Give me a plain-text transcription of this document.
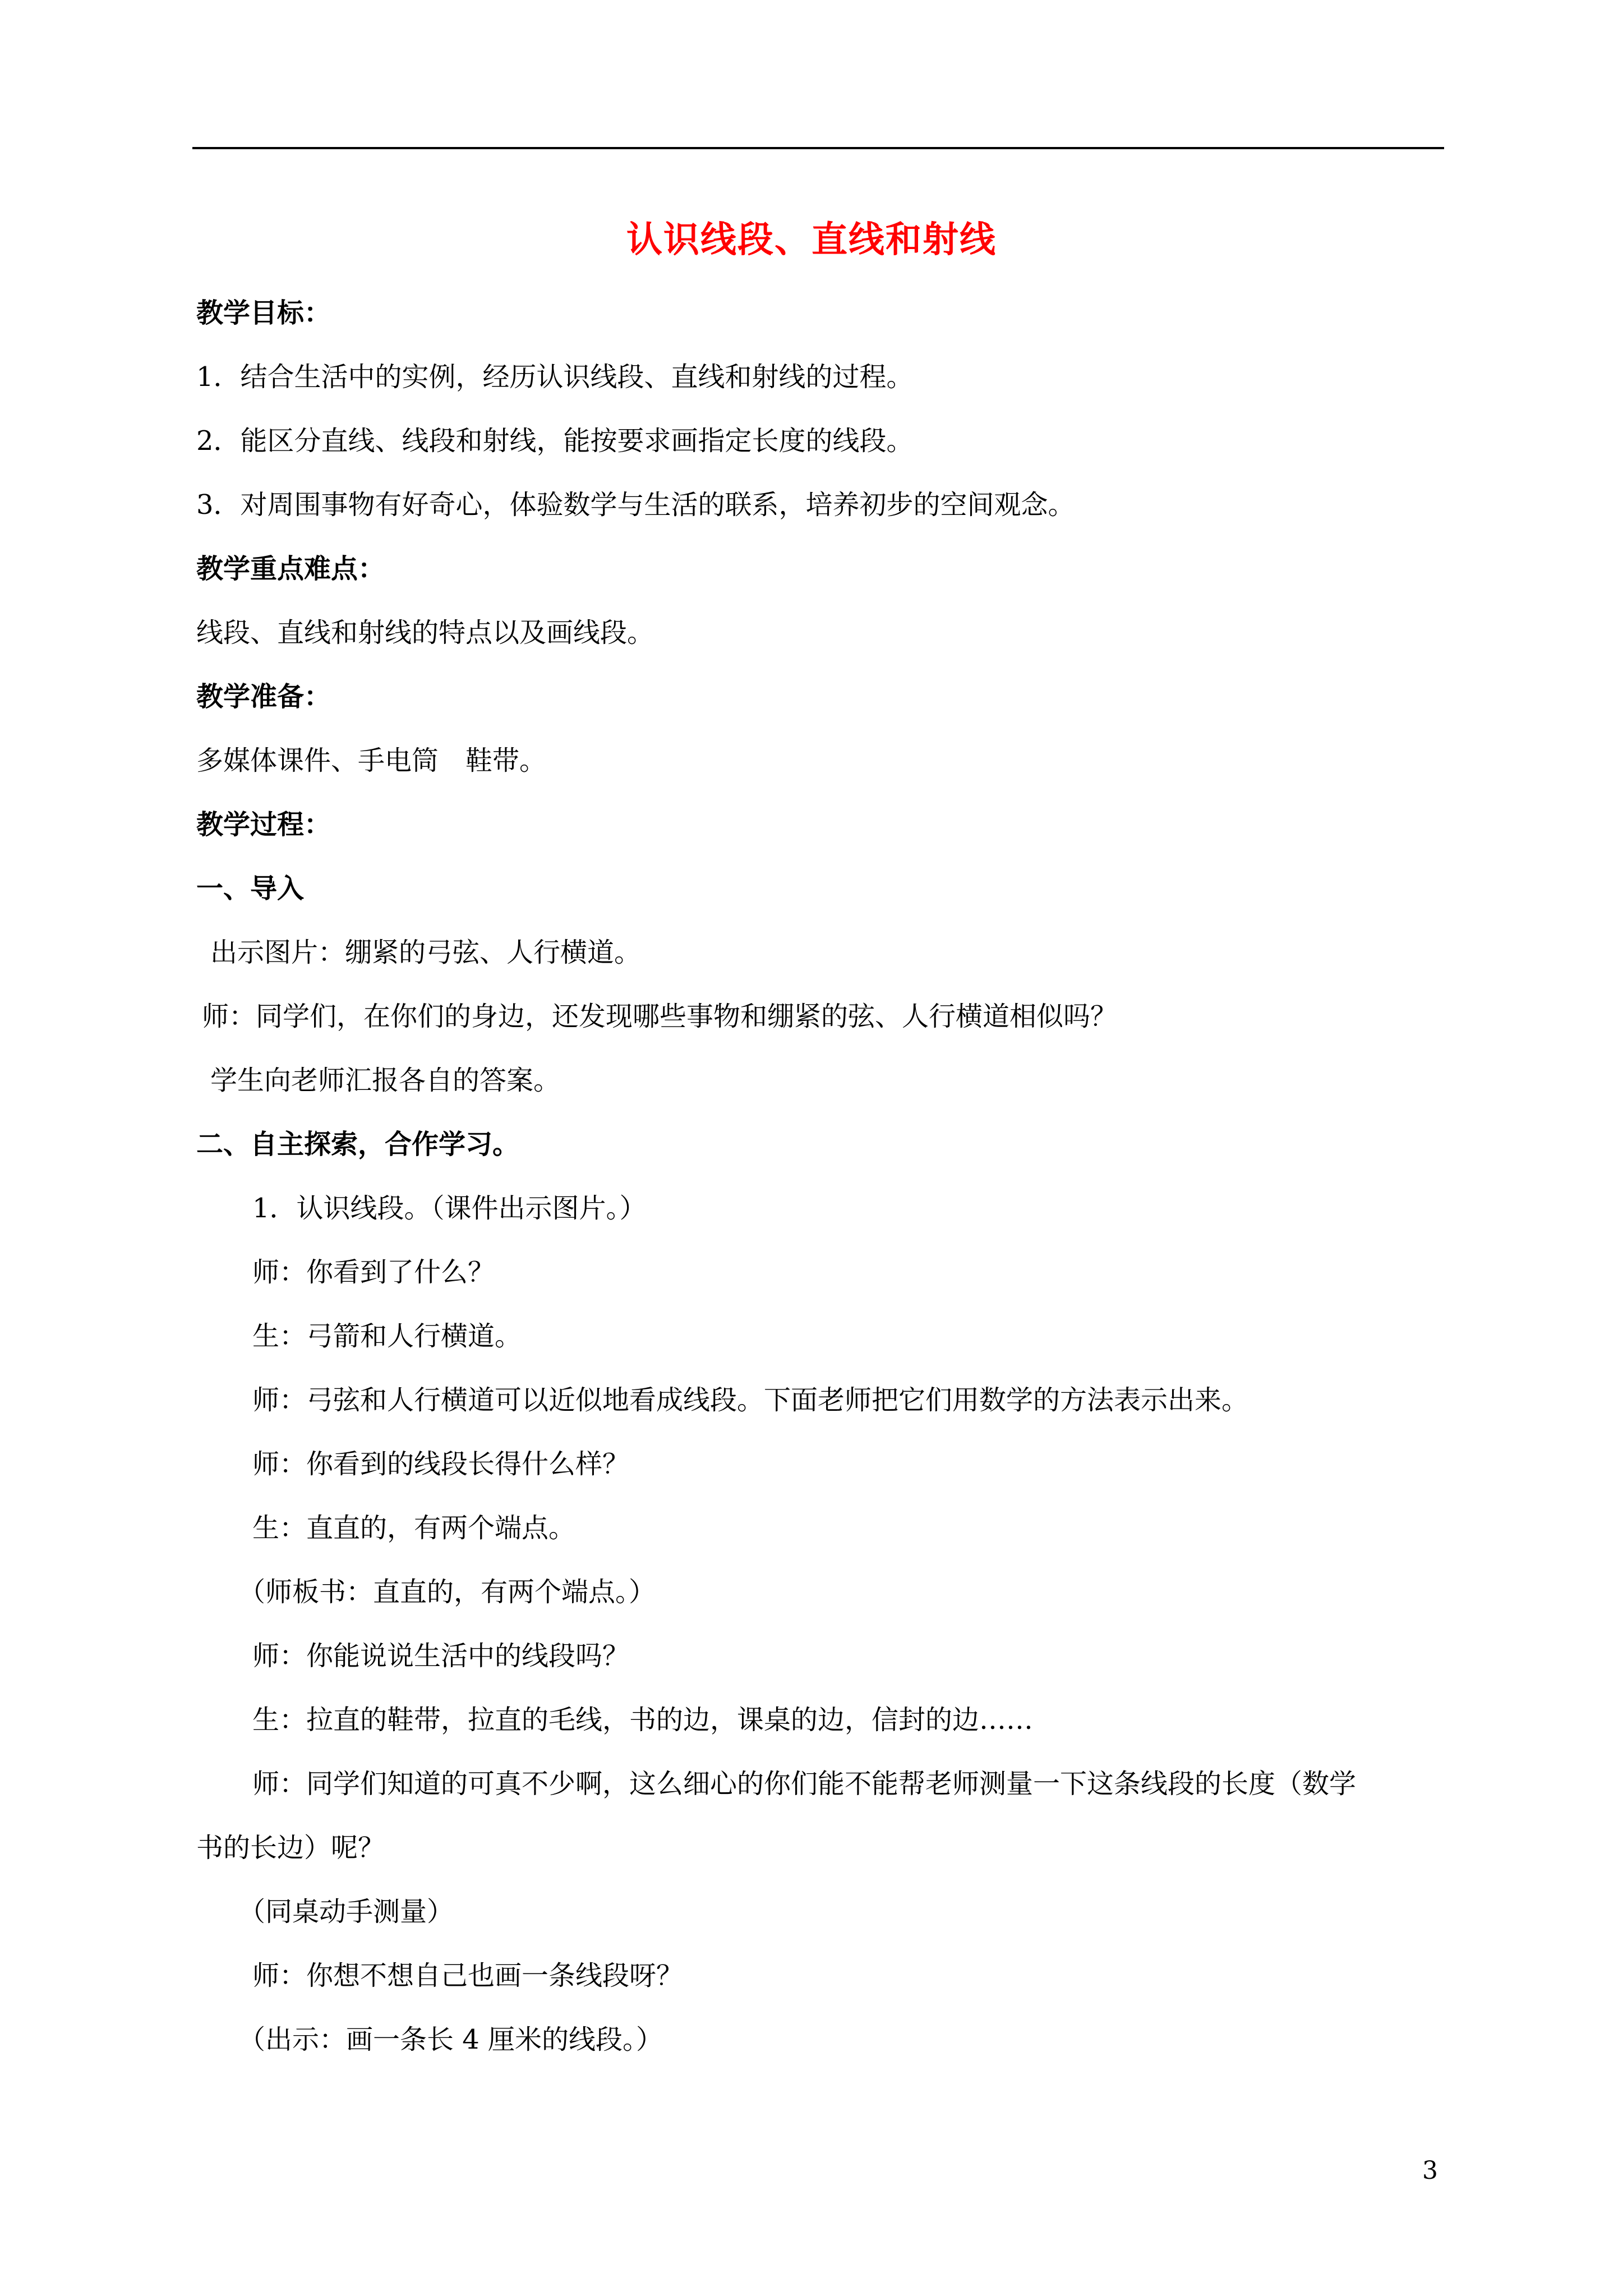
认识线段、直线和射线
教学目标：
1．结合生活中的实例，经历认识线段、直线和射线的过程。
2．能区分直线、线段和射线，能按要求画指定长度的线段。
3．对周围事物有好奇心，体验数学与生活的联系，培养初步的空间观念。
教学重点难点：
线段、直线和射线的特点以及画线段。
教学准备：
多媒体课件、手电筒　鞋带。
教学过程：
一、导入
出示图片：绷紧的弓弦、人行横道。
师：同学们，在你们的身边，还发现哪些事物和绷紧的弦、人行横道相似吗？
学生向老师汇报各自的答案。
二、自主探索，合作学习。
1．认识线段。（课件出示图片。）
师：你看到了什么？
生：弓箭和人行横道。
师：弓弦和人行横道可以近似地看成线段。下面老师把它们用数学的方法表示出来。
师：你看到的线段长得什么样？
生：直直的，有两个端点。
（师板书：直直的，有两个端点。）
师：你能说说生活中的线段吗？
生：拉直的鞋带，拉直的毛线，书的边，课桌的边，信封的边……
师：同学们知道的可真不少啊，这么细心的你们能不能帮老师测量一下这条线段的长度（数学
书的长边）呢？
（同桌动手测量）
师：你想不想自己也画一条线段呀？
（出示：画一条长 4 厘米的线段。）
3
